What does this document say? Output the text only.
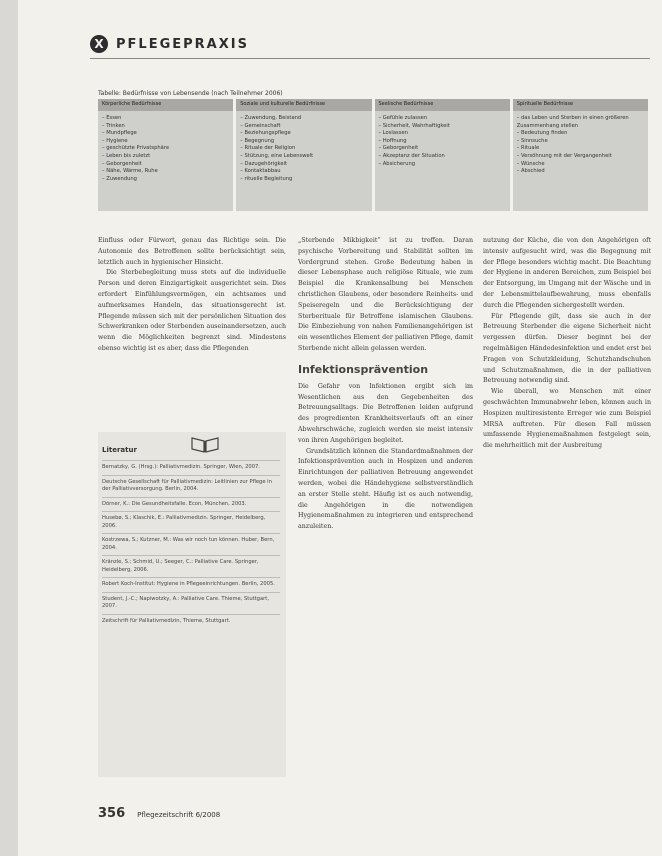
X PFLEGEPRAXIS
Tabelle: Bedürfnisse von Lebensende (nach Teilnehmer 2006)
Körperliche Bedürfnisse
– Essen
– Trinken
– Mundpflege
– Hygiene
– geschützte Privatsphäre
– Leben bis zuletzt
– Geborgenheit
– Nähe, Wärme, Ruhe
– Zuwendung
Soziale und kulturelle Bedürfnisse
– Zuwendung, Beistand
– Gemeinschaft
– Beziehungspflege
– Begegnung
– Rituale der Religion
– Stützung, eine Lebenswelt
– Dazugehörigkeit
– Kontaktabbau
– rituelle Begleitung
Seelische Bedürfnisse
– Gefühle zulassen
– Sicherheit, Wahrhaftigkeit
– Loslassen
– Hoffnung
– Geborgenheit
– Akzeptanz der Situation
– Absicherung
Spirituelle Bedürfnisse
– das Leben und Sterben in einen größeren Zusammenhang stellen
– Bedeutung finden
– Sinnsuche
– Rituale
– Versöhnung mit der Vergangenheit
– Wünsche
– Abschied

Einfluss oder Fürwort, genau das Richtige sein. Die Autonomie des Betroffenen sollte berücksichtigt sein, letztlich auch in hygienischer Hinsicht.

Die Sterbebegleitung muss stets auf die individuelle Person und deren Einzigartigkeit ausgerichtet sein. Dies erfordert Einfühlungsvermögen, ein achtsames und aufmerksames Handeln, das situationsgerecht ist. Pflegende müssen sich mit der persönlichen Situation des Schwerkranken oder Sterbenden auseinandersetzen, auch wenn die Möglichkeiten begrenzt sind. Mindestens ebenso wichtig ist es aber, dass die Pflegenden

Literatur
Bernatzky, G. (Hrsg.): Palliativmedizin. Springer, Wien, 2007.
Deutsche Gesellschaft für Palliativmedizin: Leitlinien zur Pflege in der Palliativversorgung. Berlin, 2004.
Dörner, K.: Die Gesundheitsfalle. Econ, München, 2003.
Husebø, S.; Klaschik, E.: Palliativmedizin. Springer, Heidelberg, 2006.
Kostrzewa, S.; Kutzner, M.: Was wir noch tun können. Huber, Bern, 2004.
Kränzle, S.; Schmid, U.; Seeger, C.: Palliative Care. Springer, Heidelberg, 2006.
Robert Koch-Institut: Hygiene in Pflegeeinrichtungen. Berlin, 2005.
Student, J.-C.; Napiwotzky, A.: Palliative Care. Thieme, Stuttgart, 2007.
Zeitschrift für Palliativmedizin, Thieme, Stuttgart.

„Sterbende Mikbigkeit“ ist zu treffen. Daran psychische Vorbereitung und Stabilität sollten im Vordergrund stehen. Große Bedeutung haben in dieser Lebensphase auch religiöse Rituale, wie zum Beispiel die Krankensalbung bei Menschen christlichen Glaubens, oder besondere Reinheits- und Speiseregeln und die Berücksichtigung der Sterberituale für Betroffene islamischen Glaubens. Die Einbeziehung von nahen Familienangehörigen ist ein wesentliches Element der palliativen Pflege, damit Sterbende nicht allein gelassen werden.

Infektionsprävention

Die Gefahr von Infektionen ergibt sich im Wesentlichen aus den Gegebenheiten des Betreuungsalltags. Die Betroffenen leiden aufgrund des progredienten Krankheitsverlaufs oft an einer Abwehrschwäche, zugleich werden sie meist intensiv von ihren Angehörigen begleitet.

Grundsätzlich können die Standardmaßnahmen der Infektionsprävention auch in Hospizen und anderen Einrichtungen der palliativen Betreuung angewendet werden, wobei die Händehygiene selbstverständlich an erster Stelle steht. Häufig ist es auch notwendig, die Angehörigen in die notwendigen Hygienemaßnahmen zu integrieren und entsprechend anzuleiten.

nutzung der Küche, die von den Angehörigen oft intensiv aufgesucht wird, was die Begegnung mit der Pflege besonders wichtig macht. Die Beachtung der Hygiene in anderen Bereichen, zum Beispiel bei der Entsorgung, im Umgang mit der Wäsche und in der Lebensmittelaufbewahrung, muss ebenfalls durch die Pflegenden sichergestellt werden.

Für Pflegende gilt, dass sie auch in der Betreuung Sterbender die eigene Sicherheit nicht vergessen dürfen. Dieser beginnt bei der regelmäßigen Händedesinfektion und endet erst bei Fragen von Schutzkleidung, Schutzhandschuhen und Schutzmaßnahmen, die in der palliativen Betreuung notwendig sind.

Wie überall, wo Menschen mit einer geschwächten Immunabwehr leben, können auch in Hospizen multiresistente Erreger wie zum Beispiel MRSA auftreten. Für diesen Fall müssen umfassende Hygienemaßnahmen festgelegt sein, die mehrheitlich mit der Ausbreitung

356 Pflegezeitschrift 6/2008
